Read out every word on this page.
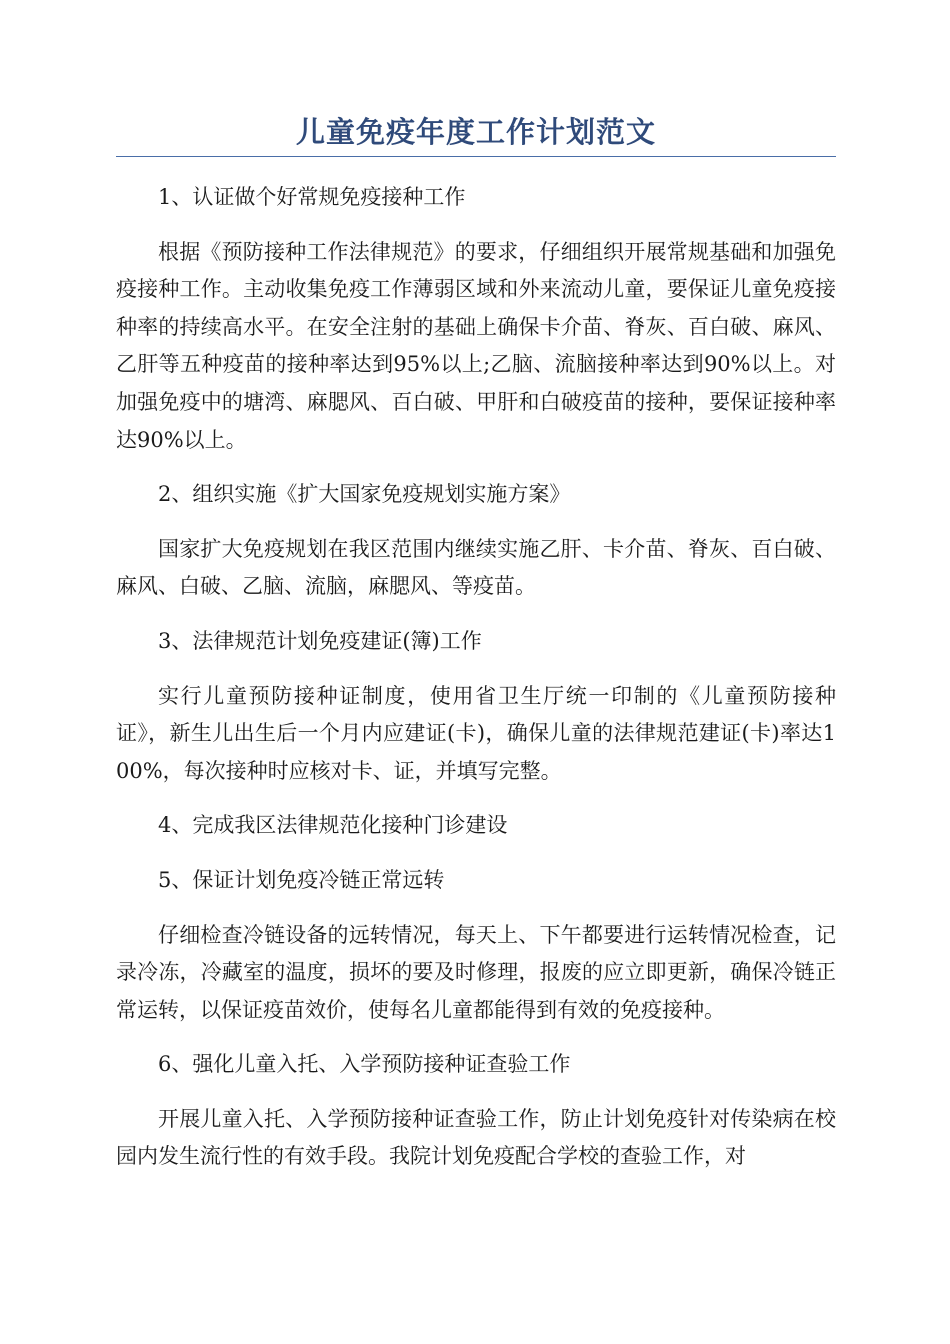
儿童免疫年度工作计划范文

1、认证做个好常规免疫接种工作

根据《预防接种工作法律规范》的要求，仔细组织开展常规基础和加强免疫接种工作。主动收集免疫工作薄弱区域和外来流动儿童，要保证儿童免疫接种率的持续高水平。在安全注射的基础上确保卡介苗、脊灰、百白破、麻风、乙肝等五种疫苗的接种率达到95%以上;乙脑、流脑接种率达到90%以上。对加强免疫中的塘湾、麻腮风、百白破、甲肝和白破疫苗的接种，要保证接种率达90%以上。

2、组织实施《扩大国家免疫规划实施方案》

国家扩大免疫规划在我区范围内继续实施乙肝、卡介苗、脊灰、百白破、麻风、白破、乙脑、流脑，麻腮风、等疫苗。

3、法律规范计划免疫建证(簿)工作

实行儿童预防接种证制度，使用省卫生厅统一印制的《儿童预防接种证》，新生儿出生后一个月内应建证(卡)，确保儿童的法律规范建证(卡)率达100%，每次接种时应核对卡、证，并填写完整。

4、完成我区法律规范化接种门诊建设

5、保证计划免疫冷链正常远转

仔细检查冷链设备的远转情况，每天上、下午都要进行运转情况检查，记录冷冻，冷藏室的温度，损坏的要及时修理，报废的应立即更新，确保冷链正常运转，以保证疫苗效价，使每名儿童都能得到有效的免疫接种。

6、强化儿童入托、入学预防接种证查验工作

开展儿童入托、入学预防接种证查验工作，防止计划免疫针对传染病在校园内发生流行性的有效手段。我院计划免疫配合学校的查验工作，对
